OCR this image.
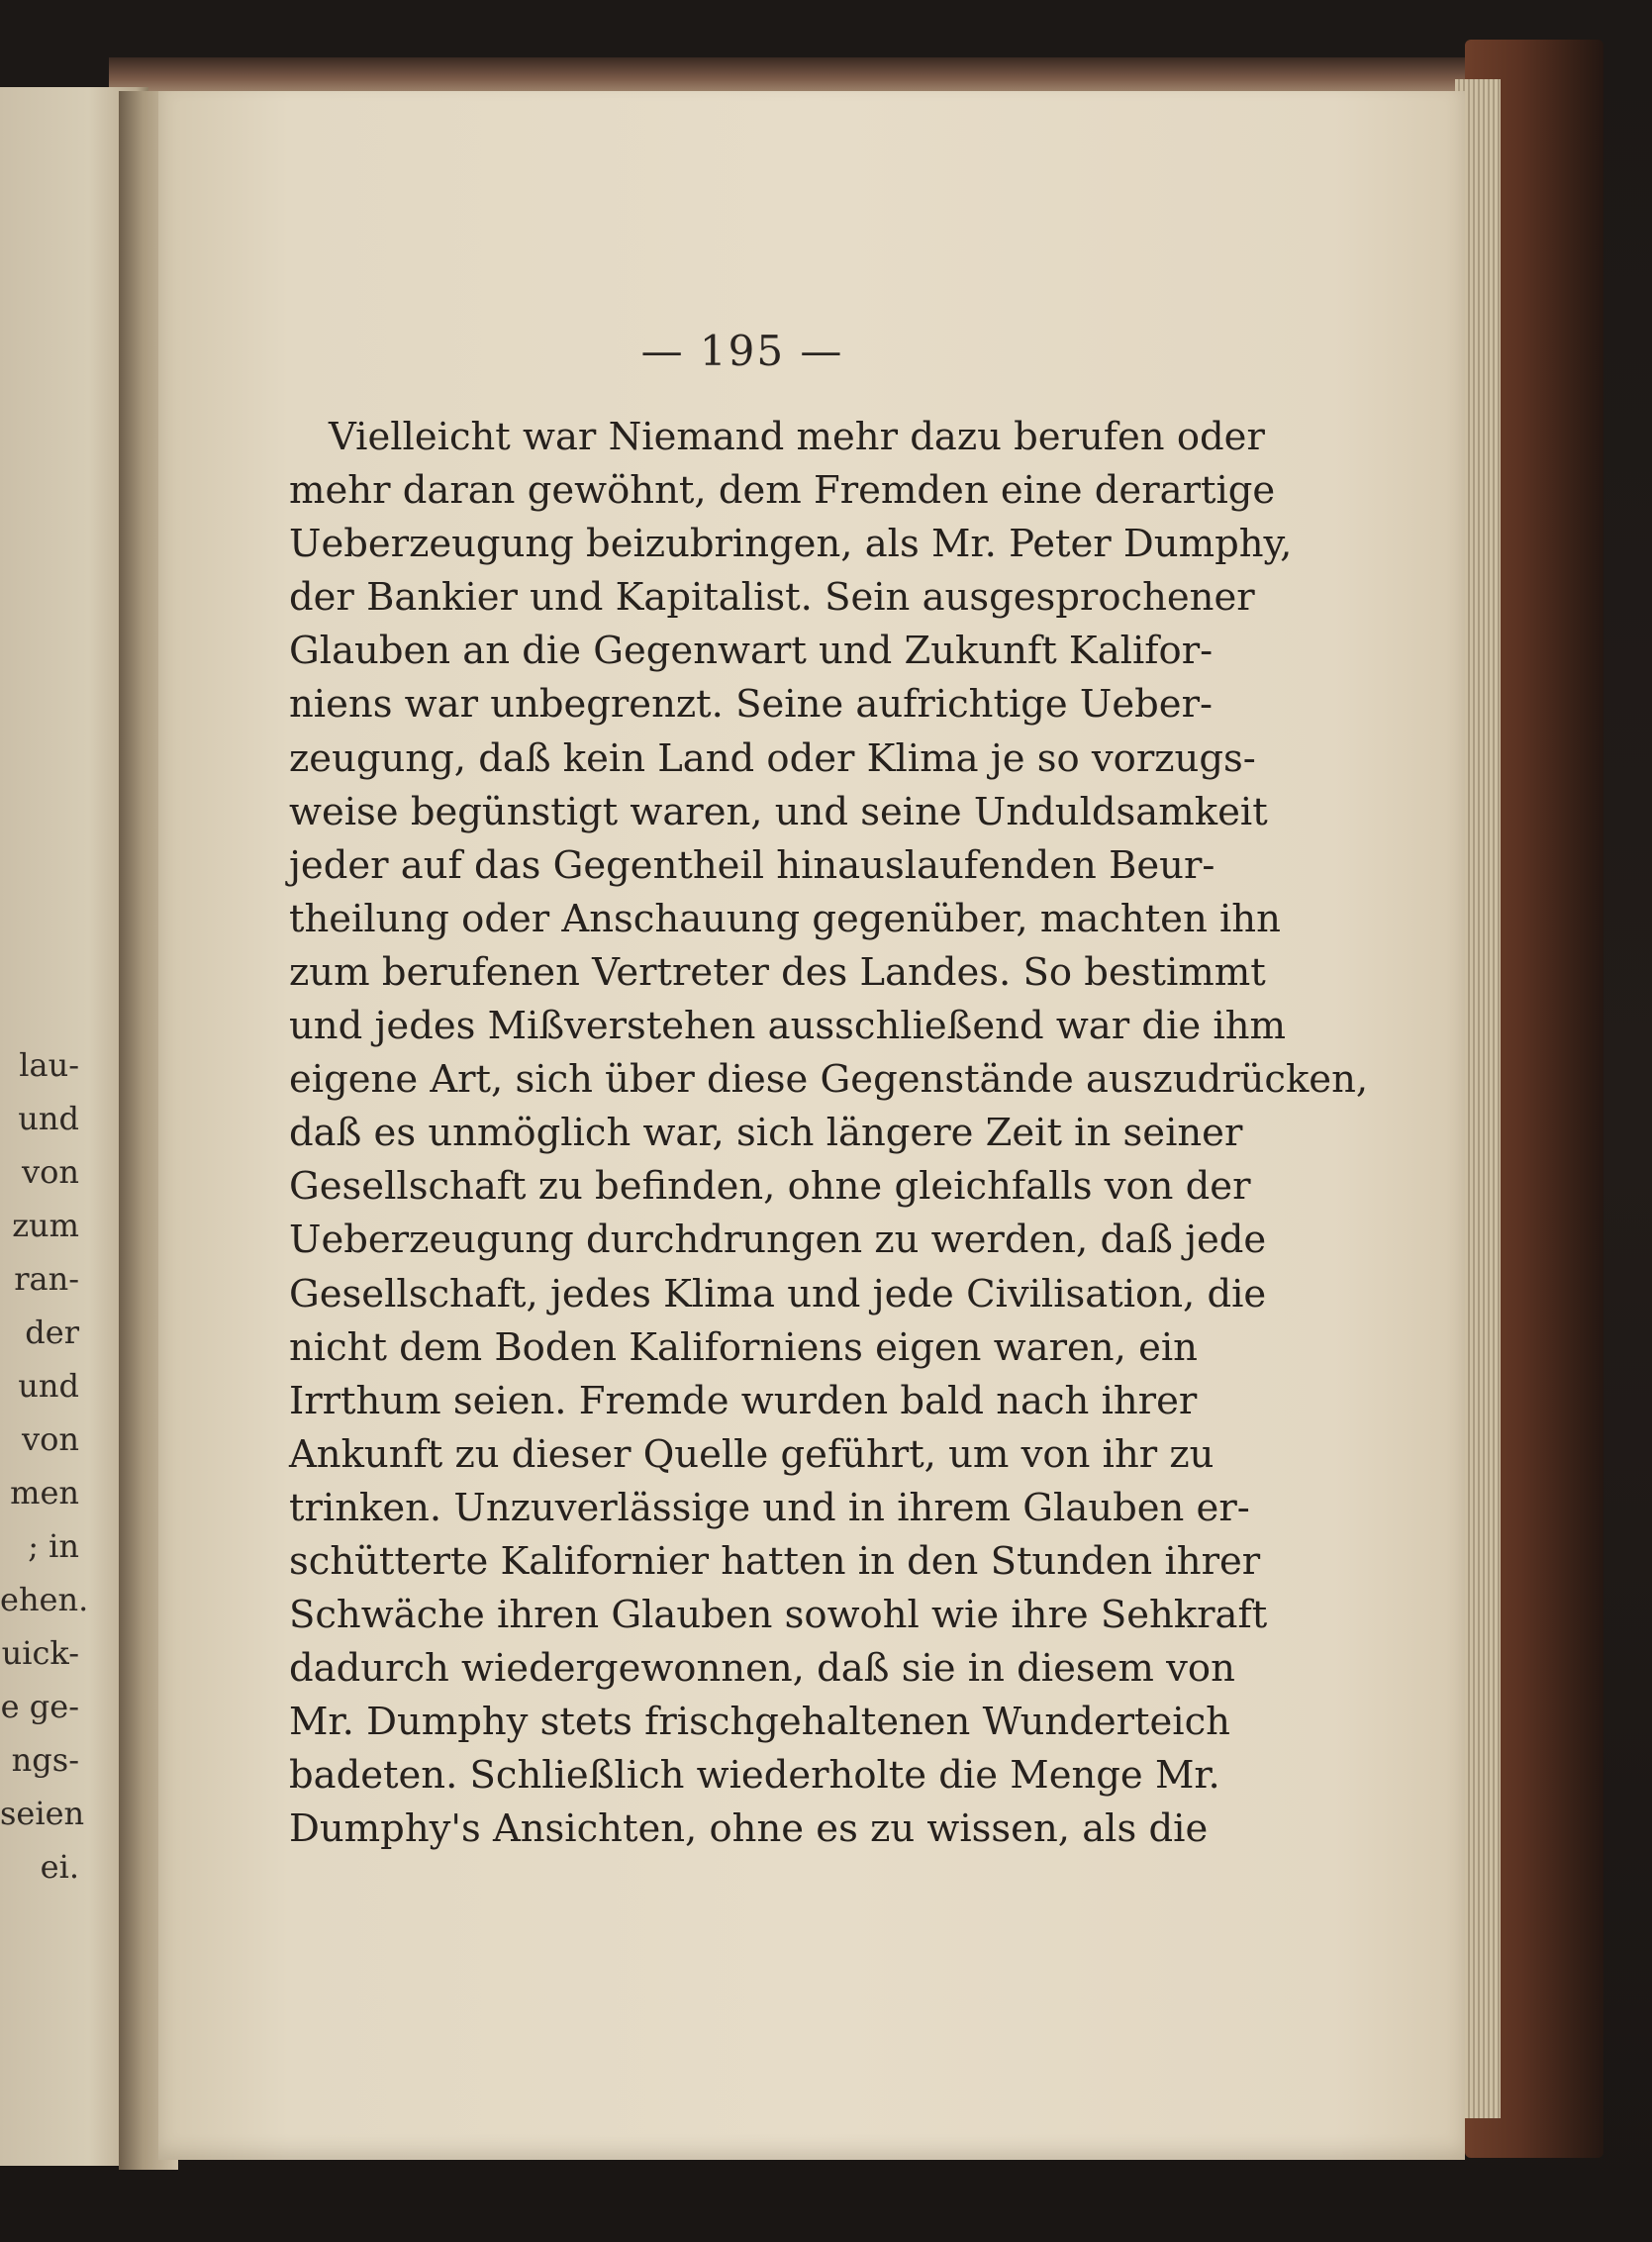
lau-
und
von
zum
ran-
der
und
von
men
; in
ehen.
uick-
e ge-
ngs-
seien
ei.
— 195 —
Vielleicht war Niemand mehr dazu berufen oder
mehr daran gewöhnt, dem Fremden eine derartige
Ueberzeugung beizubringen, als Mr. Peter Dumphy,
der Bankier und Kapitalist. Sein ausgesprochener
Glauben an die Gegenwart und Zukunft Kalifor-
niens war unbegrenzt. Seine aufrichtige Ueber-
zeugung, daß kein Land oder Klima je so vorzugs-
weise begünstigt waren, und seine Unduldsamkeit
jeder auf das Gegentheil hinauslaufenden Beur-
theilung oder Anschauung gegenüber, machten ihn
zum berufenen Vertreter des Landes. So bestimmt
und jedes Mißverstehen ausschließend war die ihm
eigene Art, sich über diese Gegenstände auszudrücken,
daß es unmöglich war, sich längere Zeit in seiner
Gesellschaft zu befinden, ohne gleichfalls von der
Ueberzeugung durchdrungen zu werden, daß jede
Gesellschaft, jedes Klima und jede Civilisation, die
nicht dem Boden Kaliforniens eigen waren, ein
Irrthum seien. Fremde wurden bald nach ihrer
Ankunft zu dieser Quelle geführt, um von ihr zu
trinken. Unzuverlässige und in ihrem Glauben er-
schütterte Kalifornier hatten in den Stunden ihrer
Schwäche ihren Glauben sowohl wie ihre Sehkraft
dadurch wiedergewonnen, daß sie in diesem von
Mr. Dumphy stets frischgehaltenen Wunderteich
badeten. Schließlich wiederholte die Menge Mr.
Dumphy's Ansichten, ohne es zu wissen, als die
